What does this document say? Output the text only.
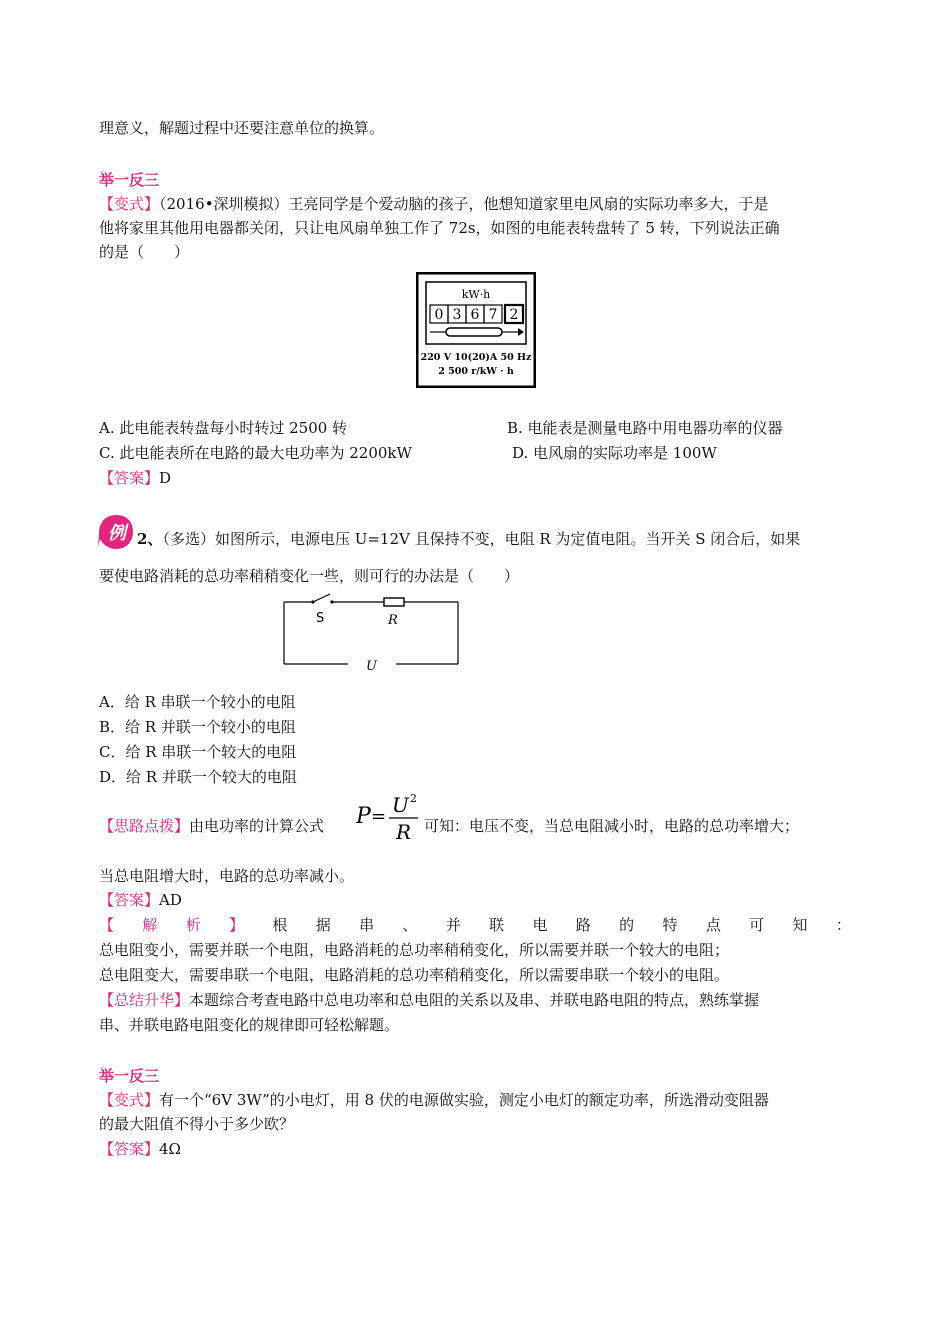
理意义，解题过程中还要注意单位的换算。
举一反三
【变式】（2016•深圳模拟）王亮同学是个爱动脑的孩子，他想知道家里电风扇的实际功率多大，于是
他将家里其他用电器都关闭，只让电风扇单独工作了 72s，如图的电能表转盘转了 5 转，下列说法正确
的是（　　）
kW·h
0 3 6 7 2
220 V 10(20)A 50 Hz
2 500 r/kW · h
A. 此电能表转盘每小时转过 2500 转	B. 电能表是测量电路中用电器功率的仪器
C. 此电能表所在电路的最大电功率为 2200kW	D. 电风扇的实际功率是 100W
【答案】D
例 2、（多选）如图所示，电源电压 U=12V 且保持不变，电阻 R 为定值电阻。当开关 S 闭合后，如果
要使电路消耗的总功率稍稍变化一些，则可行的办法是（　　）
S	R
U
A．给 R 串联一个较小的电阻
B．给 R 并联一个较小的电阻
C．给 R 串联一个较大的电阻
D．给 R 并联一个较大的电阻
【思路点拨】由电功率的计算公式 P = U 2
R 可知：电压不变，当总电阻减小时，电路的总功率增大；
当总电阻增大时，电路的总功率减小。
【答案】AD
【 解 析 】 根 据 串 、 并 联 电 路 的 特 点 可 知 ：
总电阻变小，需要并联一个电阻，电路消耗的总功率稍稍变化，所以需要并联一个较大的电阻；
总电阻变大，需要串联一个电阻，电路消耗的总功率稍稍变化，所以需要串联一个较小的电阻。
【总结升华】本题综合考查电路中总电功率和总电阻的关系以及串、并联电路电阻的特点，熟练掌握
串、并联电路电阻变化的规律即可轻松解题。
举一反三
【变式】有一个“6V 3W”的小电灯，用 8 伏的电源做实验，测定小电灯的额定功率，所选滑动变阻器
的最大阻值不得小于多少欧？
【答案】4Ω
